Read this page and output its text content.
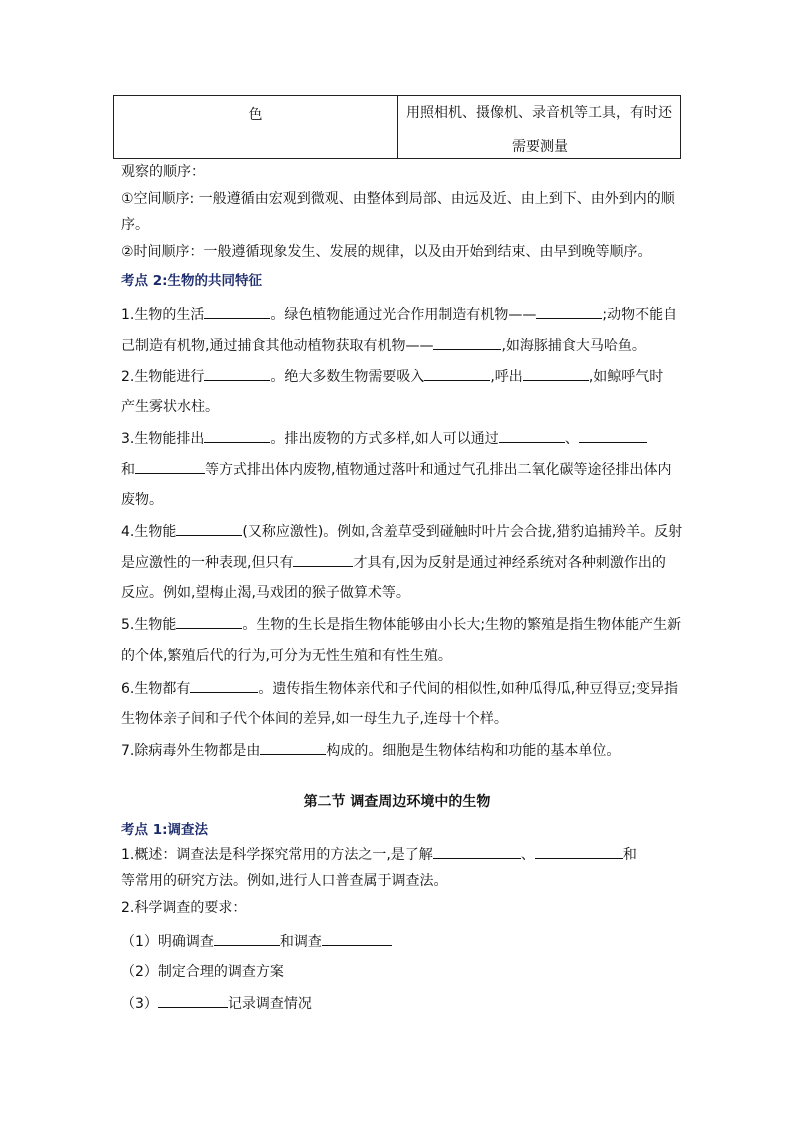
色	用照相机、摄像机、录音机等工具，有时还
需要测量
观察的顺序：
①空间顺序: 一般遵循由宏观到微观、由整体到局部、由远及近、由上到下、由外到内的顺
序。
②时间顺序：一般遵循现象发生、发展的规律，以及由开始到结束、由早到晚等顺序。
考点 2:生物的共同特征
1.生物的生活	。绿色植物能通过光合作用制造有机物——	;动物不能自
己制造有机物,通过捕食其他动植物获取有机物——	,如海豚捕食大马哈鱼。
2.生物能进行	。绝大多数生物需要吸入	,呼出	,如鲸呼气时
产生雾状水柱。
3.生物能排出	。排出废物的方式多样,如人可以通过	、
和	等方式排出体内废物,植物通过落叶和通过气孔排出二氧化碳等途径排出体内
废物。
4.生物能	(又称应激性)。例如,含羞草受到碰触时叶片会合拢,猎豹追捕羚羊。反射
是应激性的一种表现,但只有	才具有,因为反射是通过神经系统对各种刺激作出的
反应。例如,望梅止渴,马戏团的猴子做算术等。
5.生物能	。生物的生长是指生物体能够由小长大;生物的繁殖是指生物体能产生新
的个体,繁殖后代的行为,可分为无性生殖和有性生殖。
6.生物都有	。遗传指生物体亲代和子代间的相似性,如种瓜得瓜,种豆得豆;变异指
生物体亲子间和子代个体间的差异,如一母生九子,连母十个样。
7.除病毒外生物都是由	构成的。细胞是生物体结构和功能的基本单位。
第二节 调查周边环境中的生物
考点 1:调查法
1.概述：调查法是科学探究常用的方法之一,是了解	、	和
等常用的研究方法。例如,进行人口普查属于调查法。
2.科学调查的要求：
（1）明确调查	和调查
（2）制定合理的调查方案
（3）	记录调查情况
